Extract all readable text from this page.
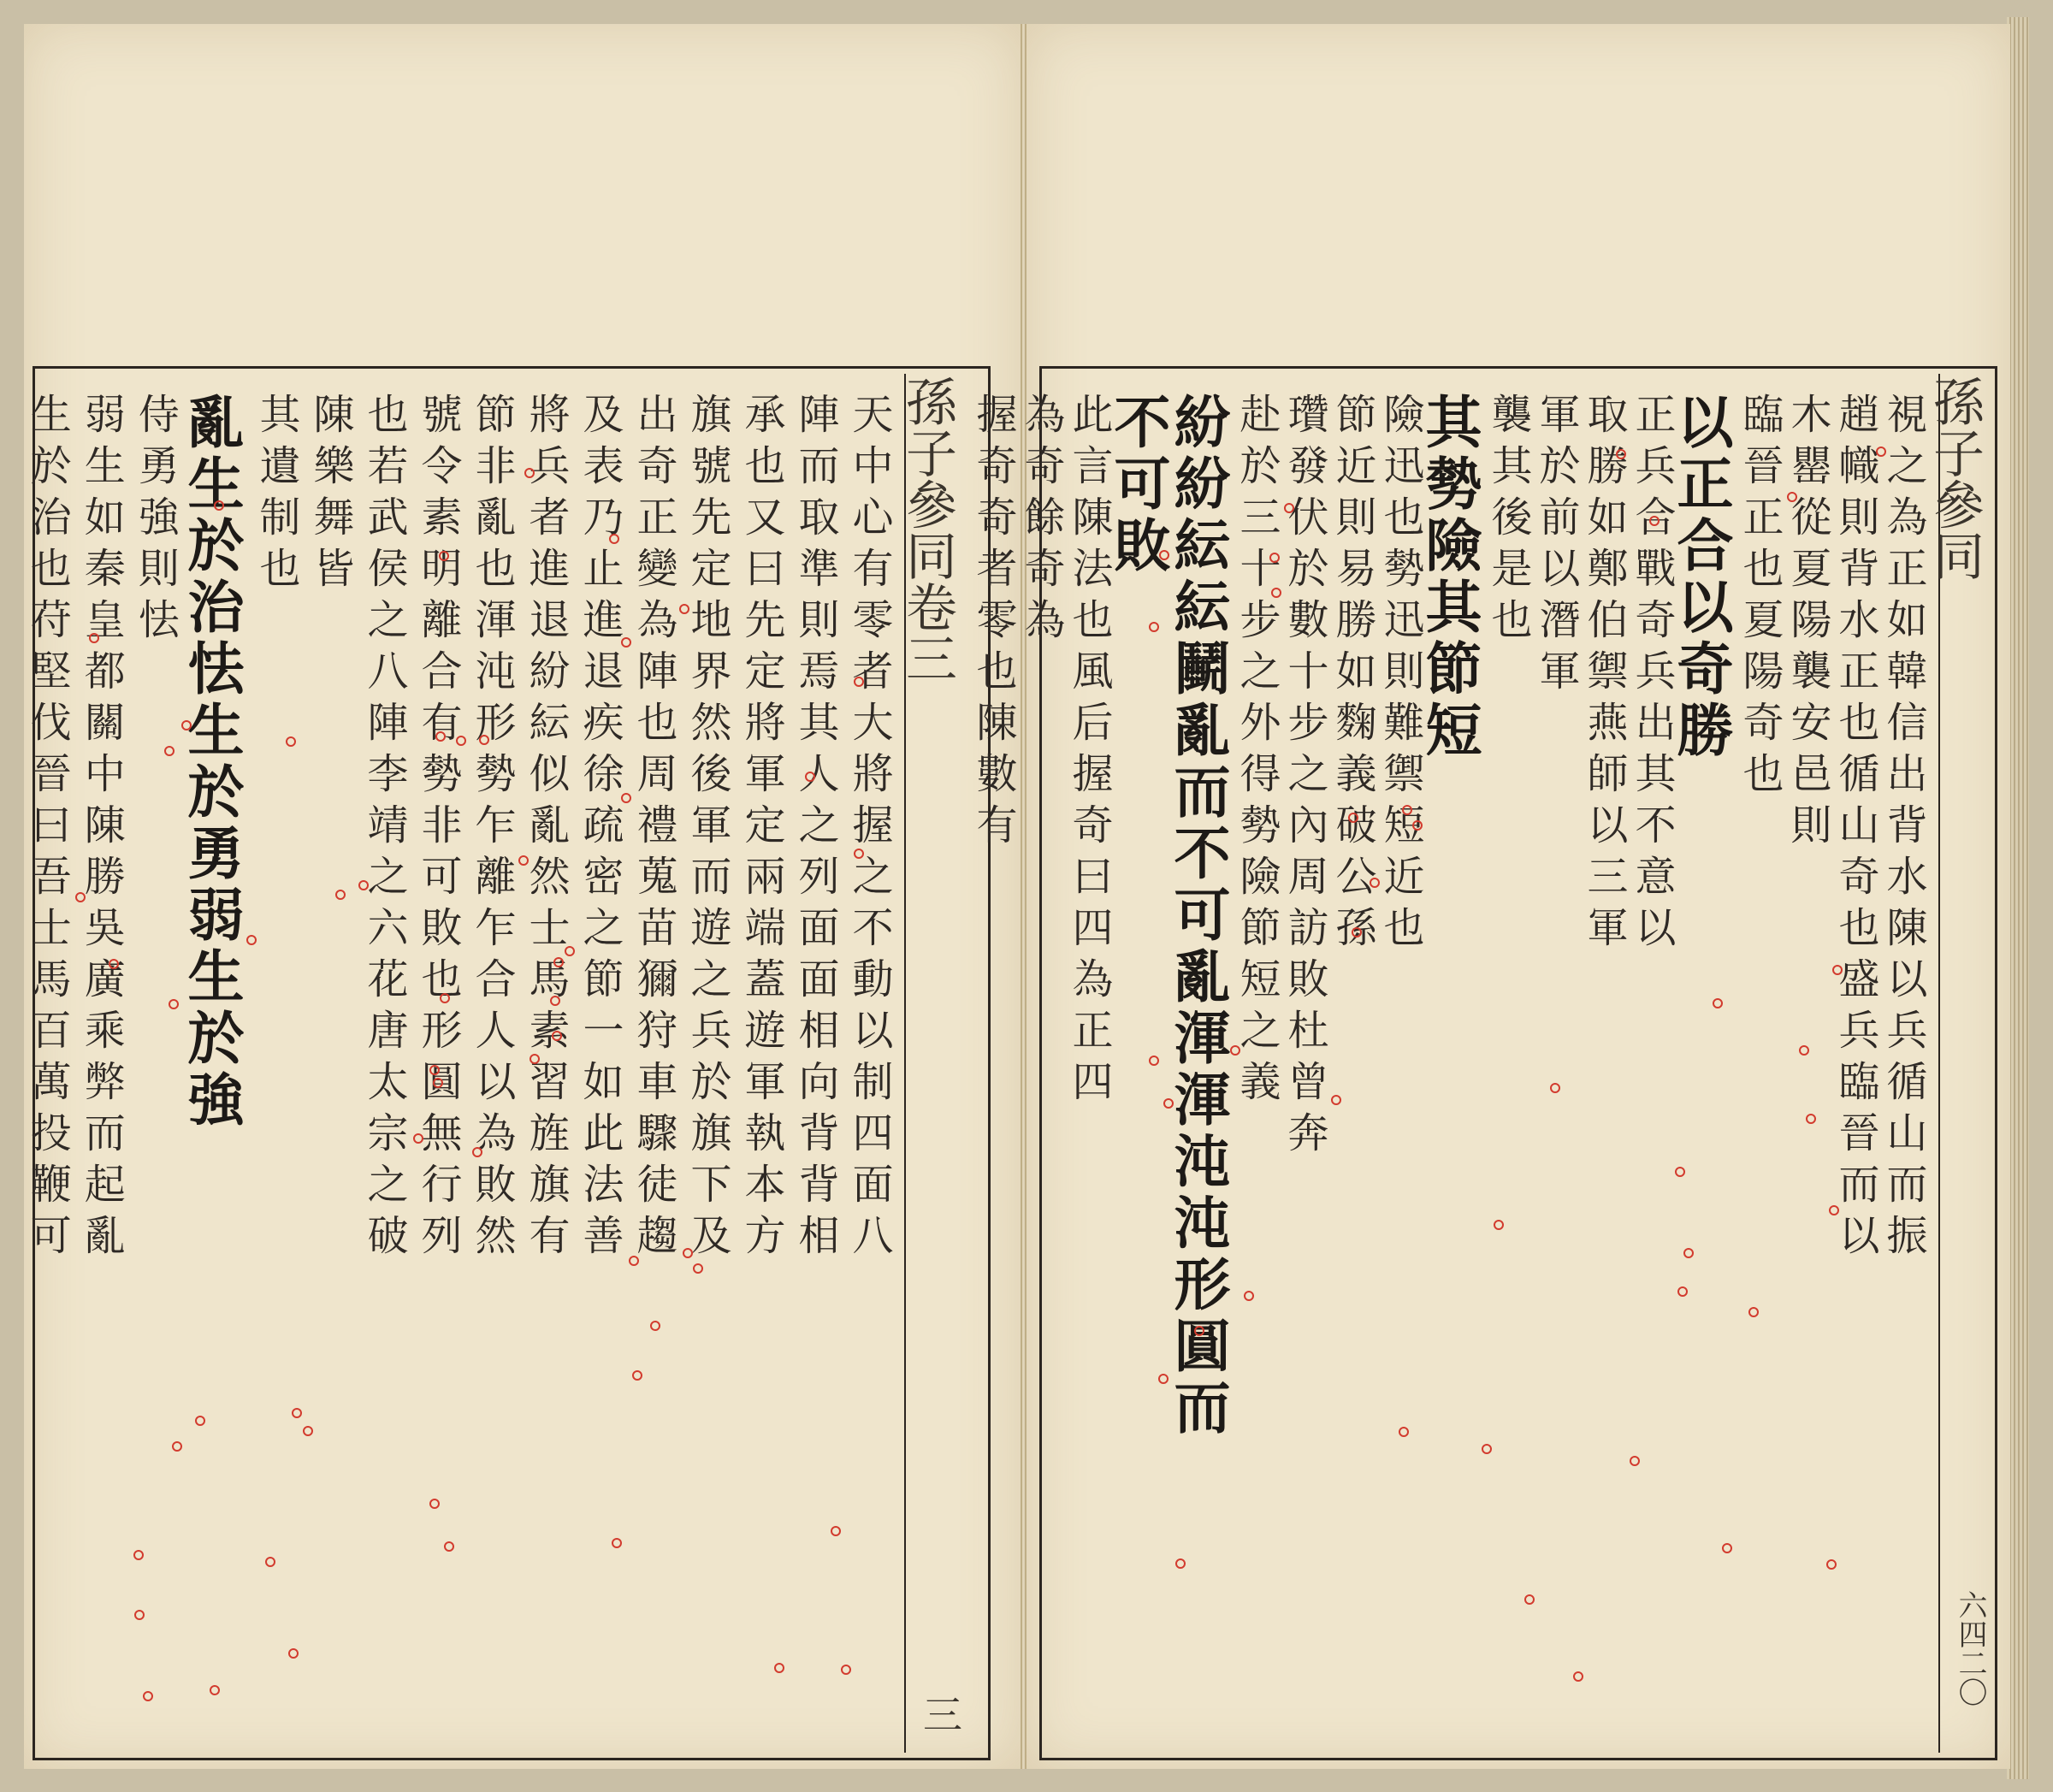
孫子參同卷三
三
天中心有零者大將握之不動以制四面八
陣而取準則焉其人之列面面相向背背相
承也又曰先定將軍定兩端蓋遊軍執本方
旗號先定地界然後軍而遊之兵於旗下及
出奇正變為陣也周禮蒐苗獮狩車驟徒趨
及表乃止進退疾徐疏密之節一如此法善
將兵者進退紛紜似亂然士馬素習旌旗有
節非亂也渾沌形勢乍離乍合人以為敗然
號令素明離合有勢非可敗也形圓無行列
也若武侯之八陣李靖之六花唐太宗之破
陳樂舞皆
其遺制也
亂生於治怯生於勇弱生於強
侍勇強則怯
弱生如秦皇都關中陳勝吳廣乘弊而起亂
生於治也苻堅伐晉曰吾士馬百萬投鞭可	孫子參同
六四二〇
視之為正如韓信出背水陳以兵循山而振
趙幟則背水正也循山奇也盛兵臨晉而以
木罌從夏陽襲安邑則
臨晉正也夏陽奇也
以正合以奇勝
正兵合戰奇兵出其不意以
取勝如鄭伯禦燕師以三軍
軍於前以潛軍
襲其後是也
其勢險其節短
險迅也勢迅則難禦短近也
節近則易勝如麴義破公孫
瓚發伏於數十步之內周訪敗杜曾奔
赴於三十步之外得勢險節短之義
紛紛紜紜鬭亂而不可亂渾渾沌沌形圓而
不可敗
此言陳法也風后握奇曰四為正四
為奇餘奇為
握奇奇者零也陳數有
